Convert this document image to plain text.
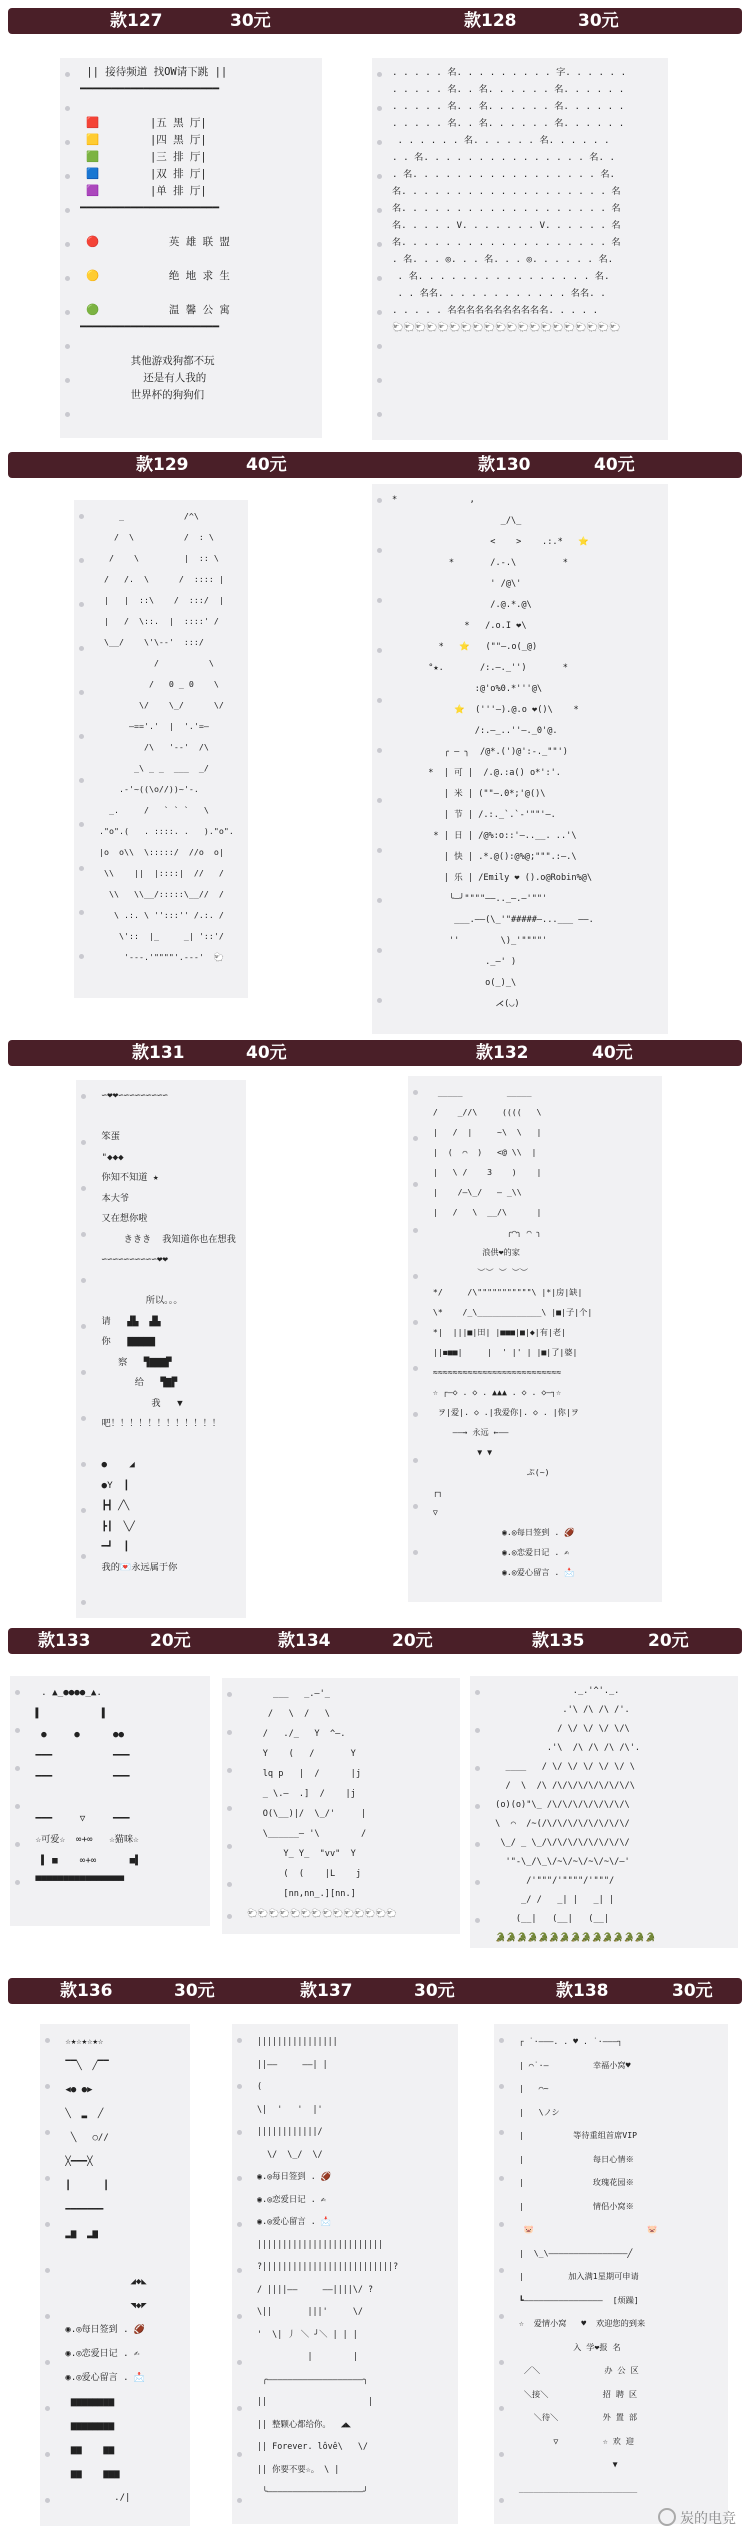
款127	30元	款128	30元
|| 接待频道 找OW请下跳 ||
━━━━━━━━━━━━━━━━━━━━━━

🟥        |五 黑 厅|
🟨        |四 黑 厅|
🟩        |三 排 厅|
🟦        |双 排 厅|
🟪        |单 排 厅|
━━━━━━━━━━━━━━━━━━━━━━

🔴           英 雄 联 盟

🟡           绝 地 求 生

🟢           温 馨 公 寓
━━━━━━━━━━━━━━━━━━━━━━

其他游戏狗都不玩
还是有人我的
世界杯的狗狗们
. . . . . 名. . . . . . . . . 字. . . . . .
. . . . . 名. . 名. . . . . . 名. . . . . .
. . . . . 名. . 名. . . . . . 名. . . . . .
. . . . . 名. . 名. . . . . . 名. . . . . .
. . . . . . 名. . . . . . 名. . . . . .
. . 名. . . . . . . . . . . . . . . 名. .
. 名. . . . . . . . . . . . . . . . . 名.
名. . . . . . . . . . . . . . . . . . . 名
名. . . . . . . . . . . . . . . . . . . 名
名. . . . . V. . . . . . . V. . . . . . 名
名. . . . . . . . . . . . . . . . . . . 名
. 名. . . ◎. . . 名. . . ◎. . . . . . 名.
. 名. . . . . . . . . . . . . . . . 名.
. . 名名. . . . . . . . . . . . 名名. .
. . . . . 名名名名名名名名名名名. . . . .
🐑🐑🐑🐑🐑🐑🐑🐑🐑🐑🐑🐑🐑🐑🐑🐑🐑🐑🐑🐑
款129	40元	款130	40元
_            /^\
/  \          /  : \
/    \         |  :: \
/   /.  \      /  :::: |
|   |  ::\    /  :::/  |
|   /  \::.  |  ::::' /
\__/    \'\--'  :::/
/          \
/   0 _ 0    \
\/    \_/      \/
—=='.'  |  '.'=—
/\   '--'  /\
_\ _ _  ___  _/
.-'~((\o//))~'-.
_.     /   ` ` `   \
."o".(   . ::::. .   )."o".
|o  o\\  \:::::/  //o  o|
\\    ||  |::::|  //   /
\\   \\__/:::::\__//  /
\ .:. \ '':::'' /.:. /
\'::  |_     _| '::'/
'---.'""""'.---'  🐑
*              ,
_/\_
<    >    .:.*   ⭐
*       /.-.\         *
' /@\'
/.@.*.@\
*   /.o.I ❤\
*   ⭐   (""—.o(_@)
°★.       /:.—._'')       *
:@'o%0.*'''@\
⭐  ('''—).@.o ❤()\    *
/:.—_..''—._0'@.
╭ — ╮  /@*.(')@':-._""')
*  | 可 |  /.@.:a() o*':'.
| 米 | (""—.0*;'@()\
| 节 | /.:._`.`-'""'—.
* | 日 | /@%:o::'—..__. ..'\
| 快 | .*.@():@%@;""".:—.\
| 乐 | /Emily ❤ ().o@Robin%@\
╰—╯""""——.._—.—'""'
___.——(\_'"#####—...___ ——.
''        \)_'""""'
._—' )
o(_)_\
⋌(◡)
款131	40元	款132	40元
∽❤❤∽∽∽∽∽∽∽∽∽

笨蛋
"◆◆◆
你知不知道 ★
本大爷
又在想你啦
ききき  我知道你也在想我
∽∽∽∽∽∽∽∽∽∽❤❤

所以。。。
请   ▟▙  ▟▙
你   ▇▇▇▇▇
察   ▜▇▇▇▛
给   ▜▇▛
我   ▼
吧！！！！！！！！！！！！

●    ◢
●Y  ┃
┣┫ ╱╲
┣┃  ╲╱
━┛  ┃
我的💌永远属于你
_____         _____
/    _//\     ((((   \
|   /  |     ~\  \   |
|  (  ⌒  )   <@ \\  |
|   \ /    3    )    |
|    /—\_/   — _\\
|   /   \  __/\      |
╭⌒╮ ⌒ ╮
浪供❤的家
︶︶ ︶ ︶︶
*/     /\"""""""""""\ |*|房|缺|
\*    /_\_____________\ |■|子|个|
*|  |||■|田| |■■■|■|◆|有|老|
||◼■■|     |  ' |' | |■|了|婆|
≈≈≈≈≈≈≈≈≈≈≈≈≈≈≈≈≈≈≈≈≈≈≈≈≈≈
☆ ┌—◇ . ◇ . ▲▲▲ . ◇ . ◇—┐☆
ヲ|爱|. ◇ .|我爱你|. ◇ . |你|ヲ
——→ 永远 ←——
▼ ▼
ぷ(~)
┌┐
▽
◉.◎每日签到 . 🏈
◉.◎恋爱日记 . ✍
◉.◎爱心留言 . 📩
款133	20元	款134	20元	款135	20元
. ▲_●●●●_▲.
▌           ▌
●     ●      ●●
━━━           ━━━
━━━           ━━━

━━━     ▽     ━━━
☆可爱☆  ∞+∞   ☆猫咪☆
▌ ■    ∞+∞      ■▌
▀▀▀▀▀▀▀▀▀▀▀▀▀▀▀▀
___   _.—'_
/   \  /   \
/   ./_   Y  ^—.
Y    (   /       Y
lq p   |  /      |j
_ \.—  .]  /    |j
O(\__)|/  \_/'     |
\______— '\        /
Y_ Y_  "vv"  Y
(  (    |L    j
[nn,nn_.][nn.]
🐑🐑🐑🐑🐑🐑🐑🐑🐑🐑🐑🐑🐑🐑
._.'^'._.
.'\ /\ /\ /'.
/ \/ \/ \/ \/\
.'\  /\ /\ /\ /\'.
____   / \/ \/ \/ \/ \/ \
/  \  /\ /\/\/\/\/\/\/\/\
(o)(o)"\_ /\/\/\/\/\/\/\/\
\  ⌒  /~(/\/\/\/\/\/\/\/\/
\_/ _ \_/\/\/\/\/\/\/\/\/
'"-\_/\_\/~\/~\/~\/~\/—'
/'"""/'""""/'"""/
_/ /   _| |   _| |
(__|   (__|   (__|
🐊🐊🐊🐊🐊🐊🐊🐊🐊🐊🐊🐊🐊🐊🐊
款136	30元	款137	30元	款138	30元
☆★☆★☆★☆
▔▔╲  ╱▔▔
◀● ●▶
╲  ▂  ╱
╲   ○//
╳━━━╳
┃      ┃
━━━━━━━
▂▆  ▂▆

◢◆◣
◥◆◤
◉.◎每日签到 . 🏈
◉.◎恋爱日记 . ✍
◉.◎爱心留言 . 📩
▆▆▆▆▆▆▆▆
▆▆▆▆▆▆▆▆
▆▆    ▆▆
▆▆    ▆▆▆
./|
||||||||||||||||
||——     ——| |
(
\|  '   '  |'
||||||||||||/
\/  \_/  \/
◉.◎每日签到 . 🏈
◉.◎恋爱日记 . ✍
◉.◎爱心留言 . 📩
|||||||||||||||||||||||||
?||||||||||||||||||||||||||?
/ ||||——     ——||||\/ ?
\||       |||'     \/
'  \| 丿 ＼ ╯＼ | | |
|        |
╭———————————————————╮
||                    |
|| 整颗心都给你。  ◢◣
|| Forever. lôvê\   \/
|| 你要不要☆。 \ |
╰———————————————————╯
┌ ˙·———. . ♥ . ˙·———┐
| ⌒˙·—         幸福小窝♥
|   ⌒~
|   \ノシ
|          等待重组首席VIP
|              每日心情※
|              玫瑰花园※
|              情侣小窝※
🐷                       🐷
|  \_\————————————————╱
|         加入满1星期可申请
┗————————————————  [烦躁]
☆  爱情小窝   ♥  欢迎您的到来
入 学❤报 名
／＼             办 公 区
＼接＼           招 聘 区
＼待＼         外 置 部
▽         ☆ 欢 迎
▼
________________________
炭的电竞
